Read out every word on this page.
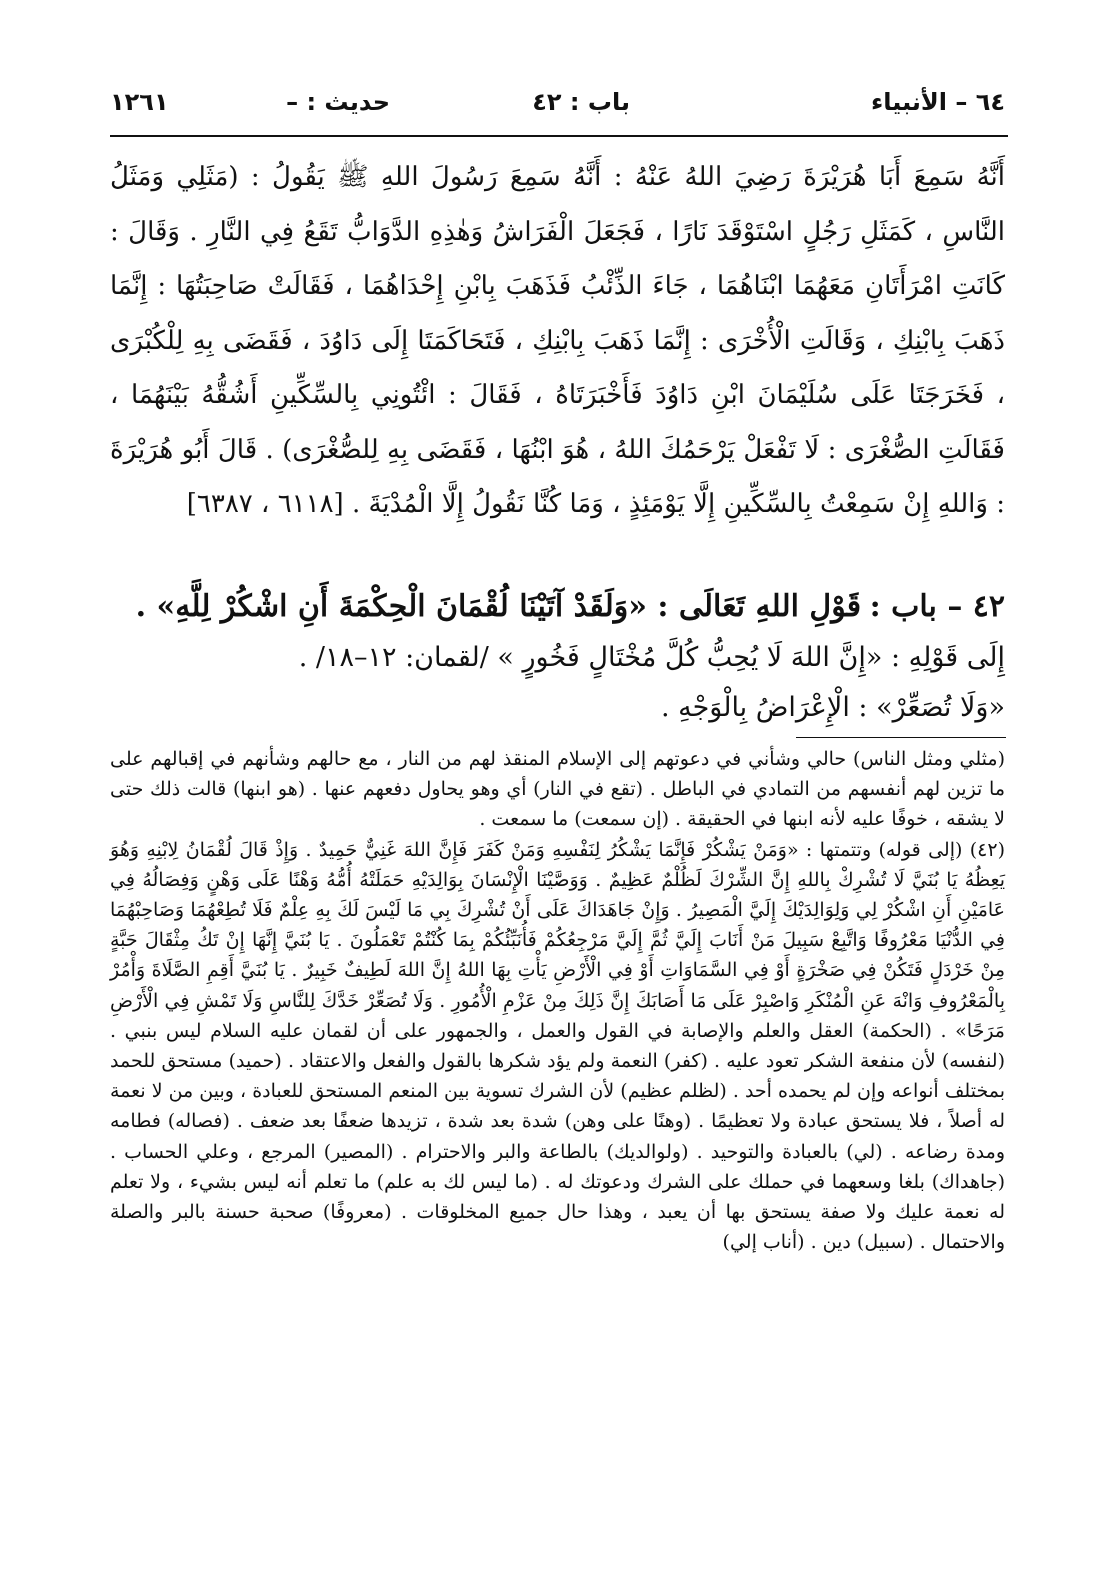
٦٤ – الأنبياء
باب : ٤٢
حديث : –
١٢٦١

أَنَّهُ سَمِعَ أَبَا هُرَيْرَةَ رَضِيَ اللهُ عَنْهُ : أَنَّهُ سَمِعَ رَسُولَ اللهِ ﷺ يَقُولُ : (مَثَلِي وَمَثَلُ النَّاسِ ، كَمَثَلِ رَجُلٍ اسْتَوْقَدَ نَارًا ، فَجَعَلَ الْفَرَاشُ وَهٰذِهِ الدَّوَابُّ تَقَعُ فِي النَّارِ . وَقَالَ : كَانَتِ امْرَأَتَانِ مَعَهُمَا ابْنَاهُمَا ، جَاءَ الذِّئْبُ فَذَهَبَ بِابْنِ إِحْدَاهُمَا ، فَقَالَتْ صَاحِبَتُهَا : إِنَّمَا ذَهَبَ بِابْنِكِ ، وَقَالَتِ الْأُخْرَى : إِنَّمَا ذَهَبَ بِابْنِكِ ، فَتَحَاكَمَتَا إِلَى دَاوُدَ ، فَقَضَى بِهِ لِلْكُبْرَى ، فَخَرَجَتَا عَلَى سُلَيْمَانَ ابْنِ دَاوُدَ فَأَخْبَرَتَاهُ ، فَقَالَ : ائْتُونِي بِالسِّكِّينِ أَشُقُّهُ بَيْنَهُمَا ، فَقَالَتِ الصُّغْرَى : لَا تَفْعَلْ يَرْحَمُكَ اللهُ ، هُوَ ابْنُهَا ، فَقَضَى بِهِ لِلصُّغْرَى) . قَالَ أَبُو هُرَيْرَةَ : وَاللهِ إِنْ سَمِعْتُ بِالسِّكِّينِ إِلَّا يَوْمَئِذٍ ، وَمَا كُنَّا نَقُولُ إِلَّا الْمُدْيَةَ . [٦١١٨ ، ٦٣٨٧]

٤٢ – باب : قَوْلِ اللهِ تَعَالَى : «وَلَقَدْ آتَيْنَا لُقْمَانَ الْحِكْمَةَ أَنِ اشْكُرْ لِلَّهِ» .

إِلَى قَوْلِهِ : «إِنَّ اللهَ لَا يُحِبُّ كُلَّ مُخْتَالٍ فَخُورٍ » /لقمان: ١٢–١٨/ .

«وَلَا تُصَعِّرْ» : الْإِعْرَاضُ بِالْوَجْهِ .

(مثلي ومثل الناس) حالي وشأني في دعوتهم إلى الإسلام المنقذ لهم من النار ، مع حالهم وشأنهم في إقبالهم على ما تزين لهم أنفسهم من التمادي في الباطل . (تقع في النار) أي وهو يحاول دفعهم عنها . (هو ابنها) قالت ذلك حتى لا يشقه ، خوفًا عليه لأنه ابنها في الحقيقة . (إن سمعت) ما سمعت .

(٤٢) (إلى قوله) وتتمتها : «وَمَنْ يَشْكُرْ فَإِنَّمَا يَشْكُرُ لِنَفْسِهِ وَمَنْ كَفَرَ فَإِنَّ اللهَ غَنِيٌّ حَمِيدٌ . وَإِذْ قَالَ لُقْمَانُ لِابْنِهِ وَهُوَ يَعِظُهُ يَا بُنَيَّ لَا تُشْرِكْ بِاللهِ إِنَّ الشِّرْكَ لَظُلْمٌ عَظِيمٌ . وَوَصَّيْنَا الْإِنْسَانَ بِوَالِدَيْهِ حَمَلَتْهُ أُمُّهُ وَهْنًا عَلَى وَهْنٍ وَفِصَالُهُ فِي عَامَيْنِ أَنِ اشْكُرْ لِي وَلِوَالِدَيْكَ إِلَيَّ الْمَصِيرُ . وَإِنْ جَاهَدَاكَ عَلَى أَنْ تُشْرِكَ بِي مَا لَيْسَ لَكَ بِهِ عِلْمٌ فَلَا تُطِعْهُمَا وَصَاحِبْهُمَا فِي الدُّنْيَا مَعْرُوفًا وَاتَّبِعْ سَبِيلَ مَنْ أَنَابَ إِلَيَّ ثُمَّ إِلَيَّ مَرْجِعُكُمْ فَأُنَبِّئُكُمْ بِمَا كُنْتُمْ تَعْمَلُونَ . يَا بُنَيَّ إِنَّهَا إِنْ تَكُ مِثْقَالَ حَبَّةٍ مِنْ خَرْدَلٍ فَتَكُنْ فِي صَخْرَةٍ أَوْ فِي السَّمَاوَاتِ أَوْ فِي الْأَرْضِ يَأْتِ بِهَا اللهُ إِنَّ اللهَ لَطِيفٌ خَبِيرٌ . يَا بُنَيَّ أَقِمِ الصَّلَاةَ وَأْمُرْ بِالْمَعْرُوفِ وَانْهَ عَنِ الْمُنْكَرِ وَاصْبِرْ عَلَى مَا أَصَابَكَ إِنَّ ذَلِكَ مِنْ عَزْمِ الْأُمُورِ . وَلَا تُصَعِّرْ خَدَّكَ لِلنَّاسِ وَلَا تَمْشِ فِي الْأَرْضِ مَرَحًا» . (الحكمة) العقل والعلم والإصابة في القول والعمل ، والجمهور على أن لقمان عليه السلام ليس بنبي . (لنفسه) لأن منفعة الشكر تعود عليه . (كفر) النعمة ولم يؤد شكرها بالقول والفعل والاعتقاد . (حميد) مستحق للحمد بمختلف أنواعه وإن لم يحمده أحد . (لظلم عظيم) لأن الشرك تسوية بين المنعم المستحق للعبادة ، وبين من لا نعمة له أصلاً ، فلا يستحق عبادة ولا تعظيمًا . (وهنًا على وهن) شدة بعد شدة ، تزيدها ضعفًا بعد ضعف . (فصاله) فطامه ومدة رضاعه . (لي) بالعبادة والتوحيد . (ولوالديك) بالطاعة والبر والاحترام . (المصير) المرجع ، وعلي الحساب . (جاهداك) بلغا وسعهما في حملك على الشرك ودعوتك له . (ما ليس لك به علم) ما تعلم أنه ليس بشيء ، ولا تعلم له نعمة عليك ولا صفة يستحق بها أن يعبد ، وهذا حال جميع المخلوقات . (معروفًا) صحبة حسنة بالبر والصلة والاحتمال . (سبيل) دين . (أناب إلي)
